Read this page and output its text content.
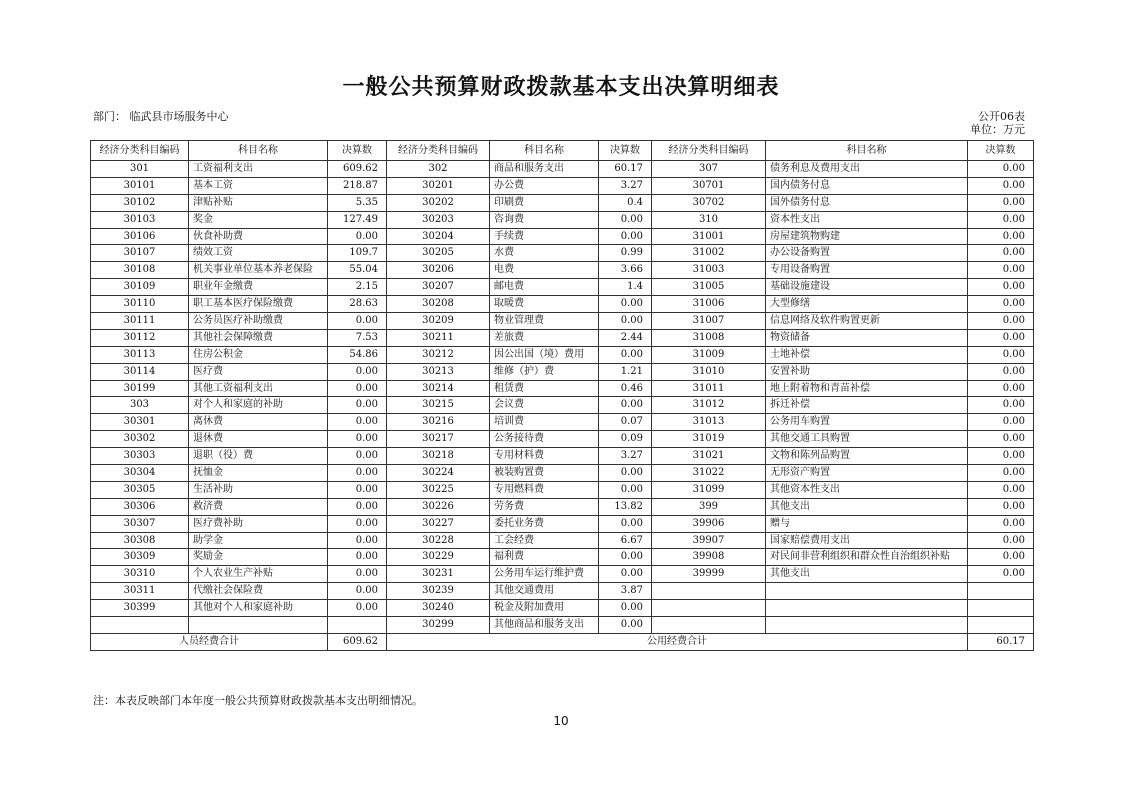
一般公共预算财政拨款基本支出决算明细表
部门： 临武县市场服务中心	公开06表
单位：万元
经济分类科目编码	科目名称	决算数	经济分类科目编码	科目名称	决算数	经济分类科目编码	科目名称	决算数
301	工资福利支出	609.62	302	商品和服务支出	60.17	307	债务利息及费用支出	0.00
30101	基本工资	218.87	30201	办公费	3.27	30701	国内债务付息	0.00
30102	津贴补贴	5.35	30202	印刷费	0.4	30702	国外债务付息	0.00
30103	奖金	127.49	30203	咨询费	0.00	310	资本性支出	0.00
30106	伙食补助费	0.00	30204	手续费	0.00	31001	房屋建筑物购建	0.00
30107	绩效工资	109.7	30205	水费	0.99	31002	办公设备购置	0.00
30108	机关事业单位基本养老保险	55.04	30206	电费	3.66	31003	专用设备购置	0.00
30109	职业年金缴费	2.15	30207	邮电费	1.4	31005	基础设施建设	0.00
30110	职工基本医疗保险缴费	28.63	30208	取暖费	0.00	31006	大型修缮	0.00
30111	公务员医疗补助缴费	0.00	30209	物业管理费	0.00	31007	信息网络及软件购置更新	0.00
30112	其他社会保障缴费	7.53	30211	差旅费	2.44	31008	物资储备	0.00
30113	住房公积金	54.86	30212	因公出国（境）费用	0.00	31009	土地补偿	0.00
30114	医疗费	0.00	30213	维修（护）费	1.21	31010	安置补助	0.00
30199	其他工资福利支出	0.00	30214	租赁费	0.46	31011	地上附着物和青苗补偿	0.00
303	对个人和家庭的补助	0.00	30215	会议费	0.00	31012	拆迁补偿	0.00
30301	离休费	0.00	30216	培训费	0.07	31013	公务用车购置	0.00
30302	退休费	0.00	30217	公务接待费	0.09	31019	其他交通工具购置	0.00
30303	退职（役）费	0.00	30218	专用材料费	3.27	31021	文物和陈列品购置	0.00
30304	抚恤金	0.00	30224	被装购置费	0.00	31022	无形资产购置	0.00
30305	生活补助	0.00	30225	专用燃料费	0.00	31099	其他资本性支出	0.00
30306	救济费	0.00	30226	劳务费	13.82	399	其他支出	0.00
30307	医疗费补助	0.00	30227	委托业务费	0.00	39906	赠与	0.00
30308	助学金	0.00	30228	工会经费	6.67	39907	国家赔偿费用支出	0.00
30309	奖励金	0.00	30229	福利费	0.00	39908	对民间非营利组织和群众性自治组织补贴	0.00
30310	个人农业生产补贴	0.00	30231	公务用车运行维护费	0.00	39999	其他支出	0.00
30311	代缴社会保险费	0.00	30239	其他交通费用	3.87			
30399	其他对个人和家庭补助	0.00	30240	税金及附加费用	0.00			
			30299	其他商品和服务支出	0.00			
人员经费合计		609.62	公用经费合计					60.17
注：本表反映部门本年度一般公共预算财政拨款基本支出明细情况。
10
